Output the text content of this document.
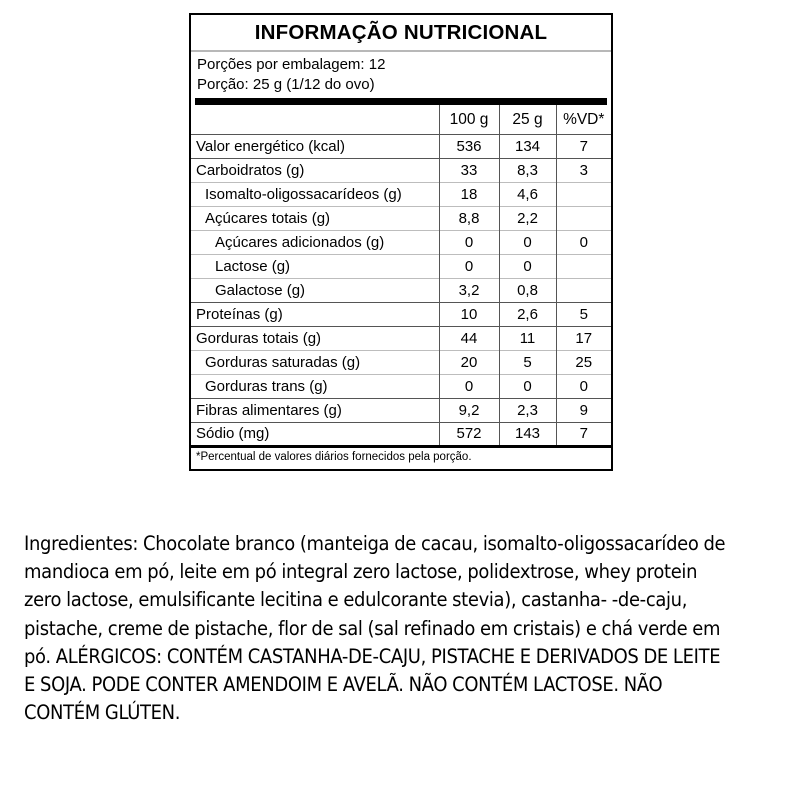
INFORMAÇÃO NUTRICIONAL
Porções por embalagem: 12
Porção: 25 g (1/12 do ovo)
	100 g	25 g	%VD*
Valor energético (kcal)	536	134	7
Carboidratos (g)	33	8,3	3
Isomalto-oligossacarídeos (g)	18	4,6	
Açúcares totais (g)	8,8	2,2	
Açúcares adicionados (g)	0	0	0
Lactose (g)	0	0	
Galactose (g)	3,2	0,8	
Proteínas (g)	10	2,6	5
Gorduras totais (g)	44	11	17
Gorduras saturadas (g)	20	5	25
Gorduras trans (g)	0	0	0
Fibras alimentares (g)	9,2	2,3	9
Sódio (mg)	572	143	7
*Percentual de valores diários fornecidos pela porção.
Ingredientes: Chocolate branco (manteiga de cacau, isomalto-oligossacarídeo de mandioca em pó, leite em pó integral zero lactose, polidextrose, whey protein zero lactose, emulsificante lecitina e edulcorante stevia), castanha- -de-caju, pistache, creme de pistache, flor de sal (sal refinado em cristais) e chá verde em pó. ALÉRGICOS: CONTÉM CASTANHA-DE-CAJU, PISTACHE E DERIVADOS DE LEITE E SOJA. PODE CONTER AMENDOIM E AVELÃ. NÃO CONTÉM LACTOSE. NÃO CONTÉM GLÚTEN.
